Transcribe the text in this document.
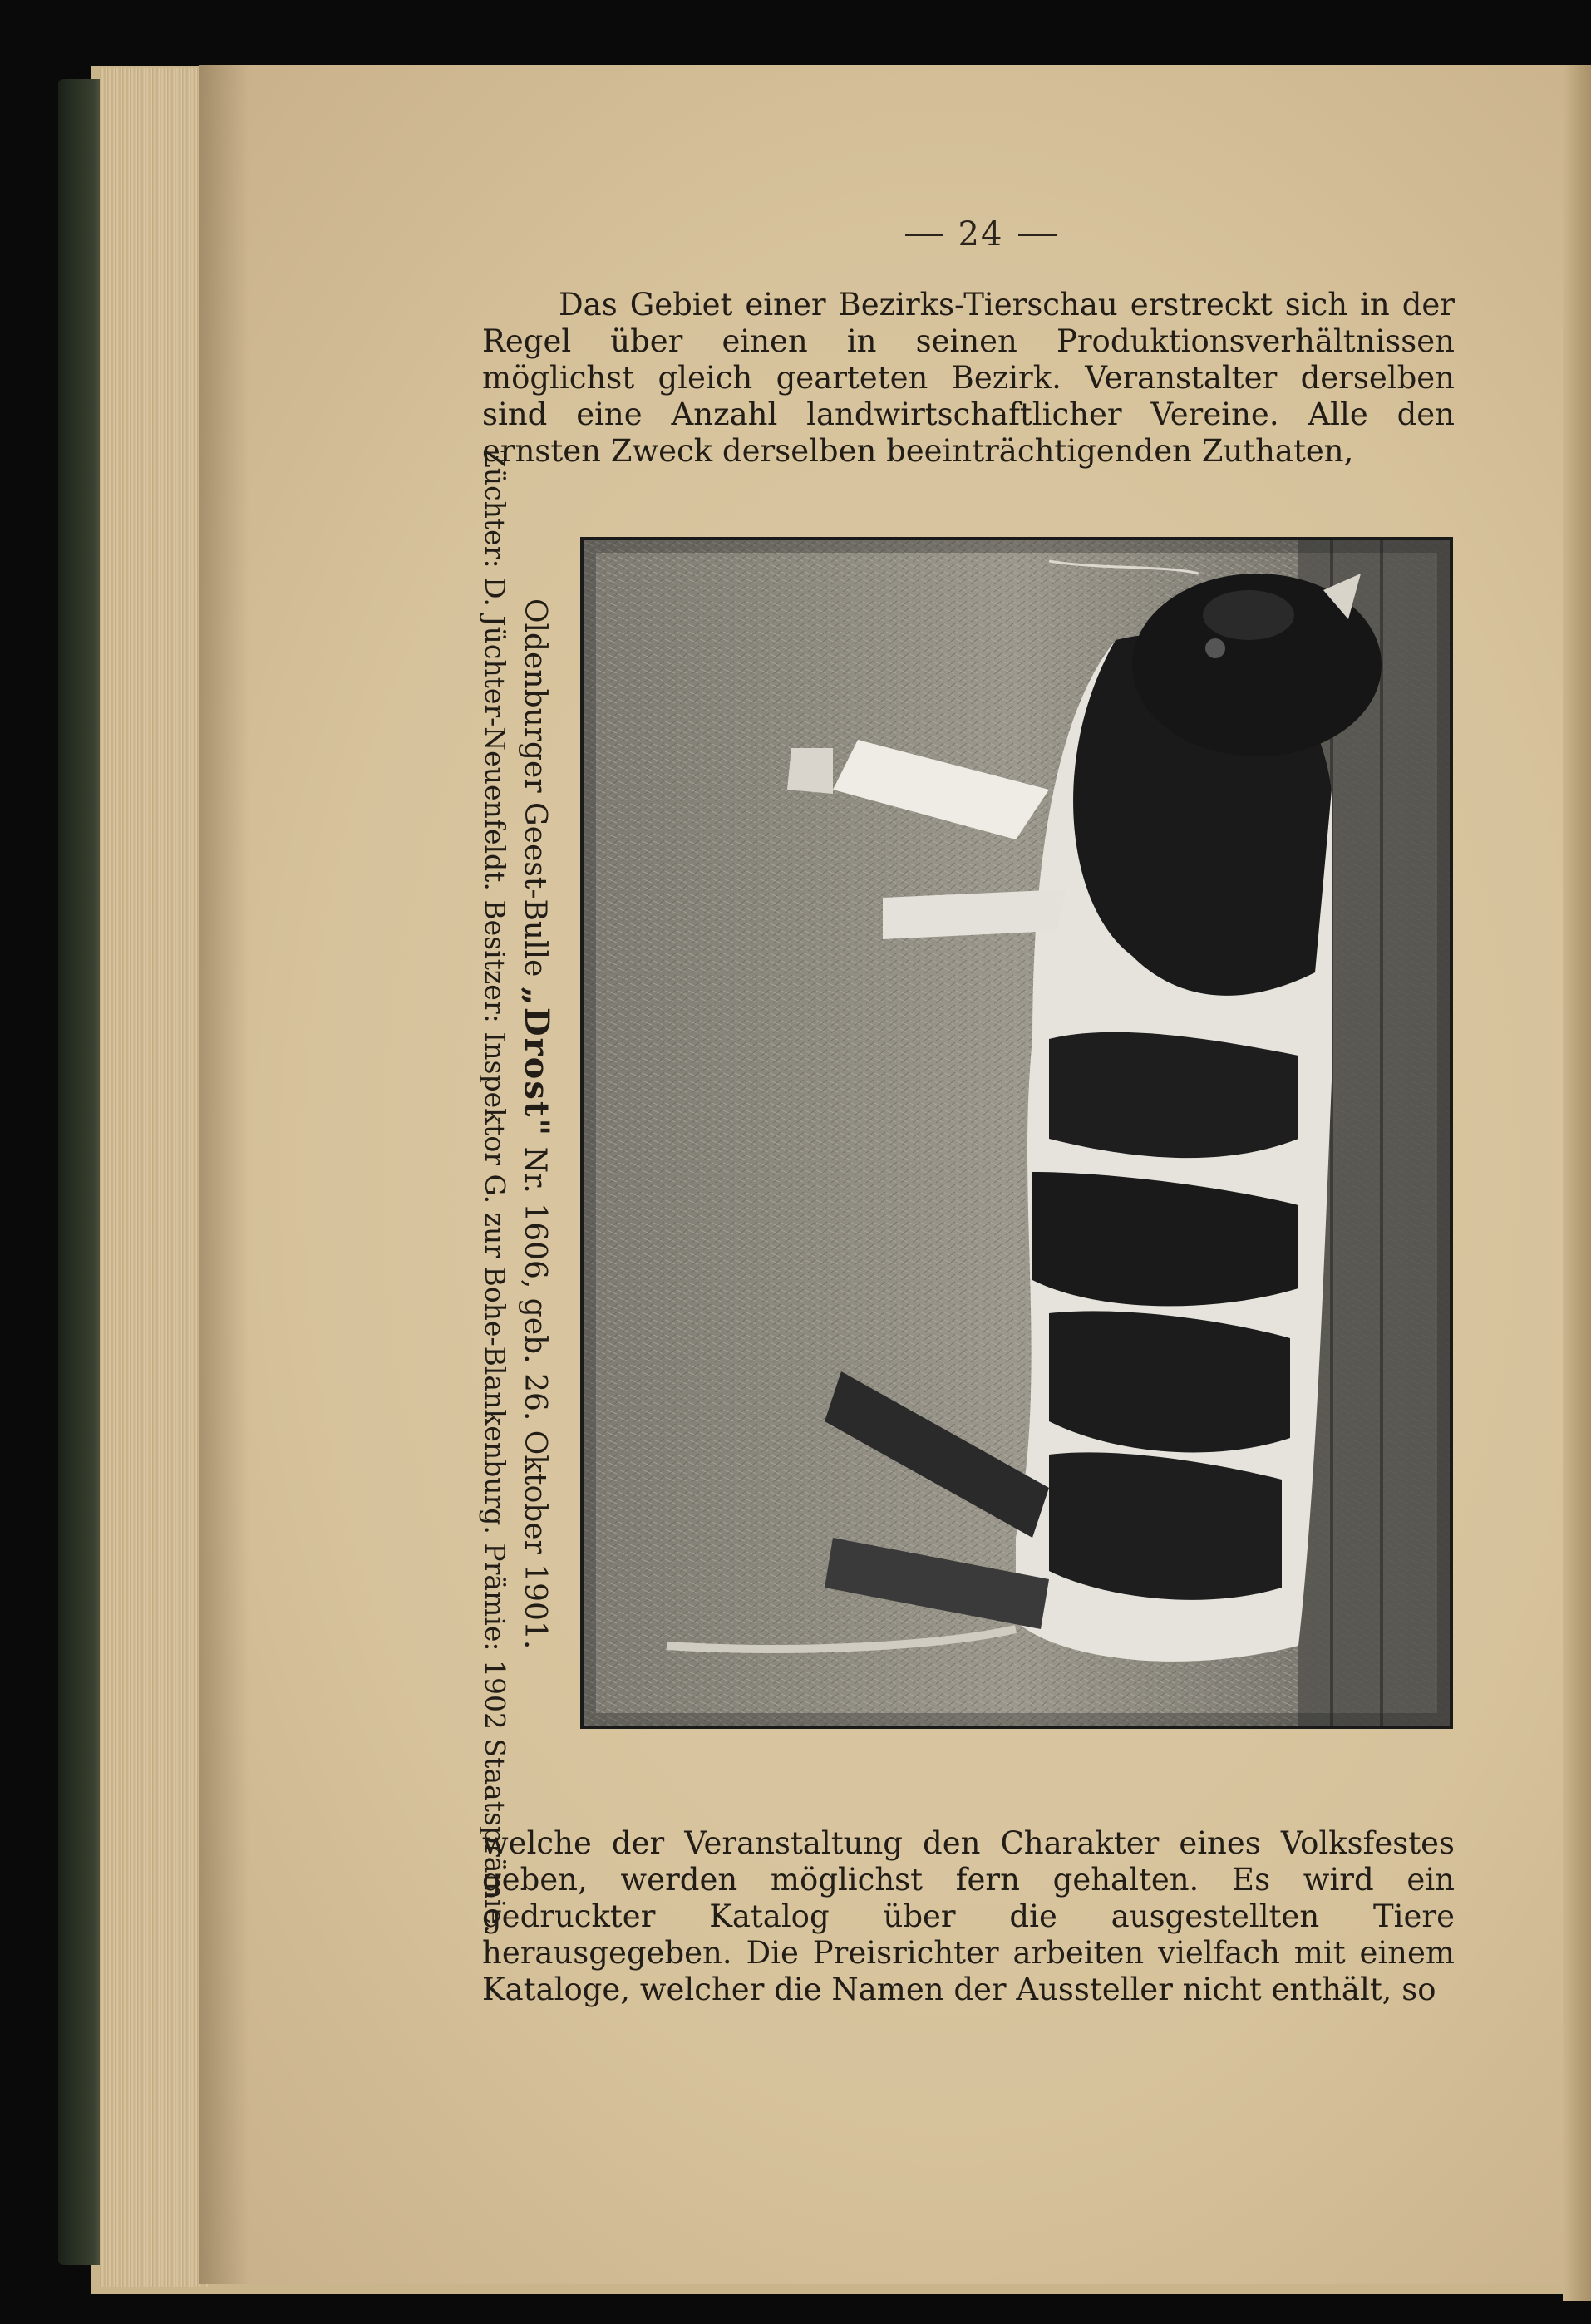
24
Das Gebiet einer Bezirks-Tierschau erstreckt sich in der Regel über einen in seinen Produktionsverhältnissen möglichst gleich gearteten Bezirk. Veranstalter derselben sind eine Anzahl landwirtschaftlicher Vereine. Alle den ernsten Zweck derselben beeinträchtigenden Zuthaten,
Oldenburger Geest-Bulle „Drost" Nr. 1606, geb. 26. Oktober 1901.
Züchter: D. Jüchter-Neuenfeldt. Besitzer: Inspektor G. zur Bohe-Blankenburg. Prämie: 1902 Staatsprämie.
welche der Veranstaltung den Charakter eines Volksfestes geben, werden möglichst fern gehalten. Es wird ein gedruckter Katalog über die ausgestellten Tiere herausgegeben. Die Preisrichter arbeiten vielfach mit einem Kataloge, welcher die Namen der Aussteller nicht enthält, so
